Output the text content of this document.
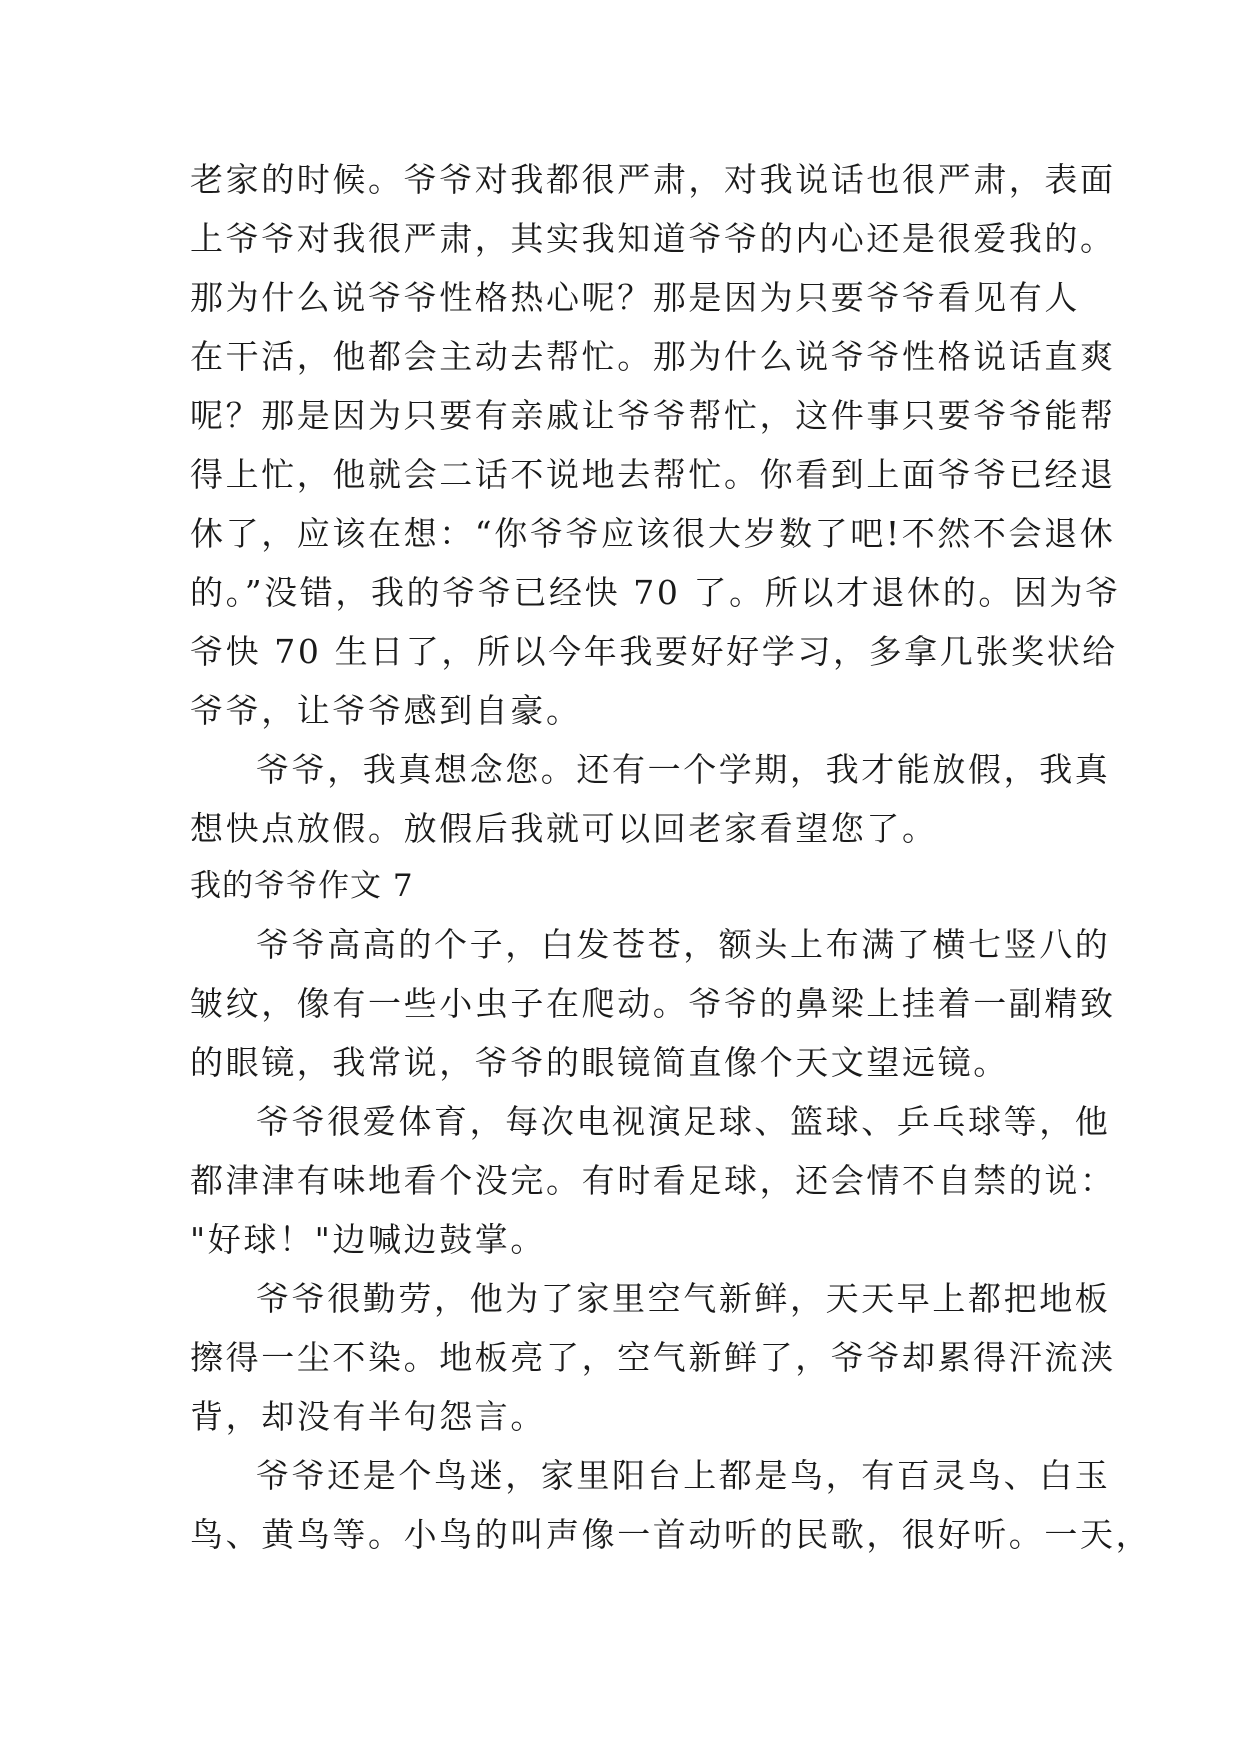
老家的时候。爷爷对我都很严肃，对我说话也很严肃，表面
上爷爷对我很严肃，其实我知道爷爷的内心还是很爱我的。
那为什么说爷爷性格热心呢？那是因为只要爷爷看见有人
在干活，他都会主动去帮忙。那为什么说爷爷性格说话直爽
呢？那是因为只要有亲戚让爷爷帮忙，这件事只要爷爷能帮
得上忙，他就会二话不说地去帮忙。你看到上面爷爷已经退
休了，应该在想：“你爷爷应该很大岁数了吧!不然不会退休
的。”没错，我的爷爷已经快 70 了。所以才退休的。因为爷
爷快 70 生日了，所以今年我要好好学习，多拿几张奖状给
爷爷，让爷爷感到自豪。
爷爷，我真想念您。还有一个学期，我才能放假，我真
想快点放假。放假后我就可以回老家看望您了。
我的爷爷作文 7
爷爷高高的个子，白发苍苍，额头上布满了横七竖八的
皱纹，像有一些小虫子在爬动。爷爷的鼻梁上挂着一副精致
的眼镜，我常说，爷爷的眼镜简直像个天文望远镜。
爷爷很爱体育，每次电视演足球、篮球、乒乓球等，他
都津津有味地看个没完。有时看足球，还会情不自禁的说：
"好球！"边喊边鼓掌。
爷爷很勤劳，他为了家里空气新鲜，天天早上都把地板
擦得一尘不染。地板亮了，空气新鲜了，爷爷却累得汗流浃
背，却没有半句怨言。
爷爷还是个鸟迷，家里阳台上都是鸟，有百灵鸟、白玉
鸟、黄鸟等。小鸟的叫声像一首动听的民歌，很好听。一天，
